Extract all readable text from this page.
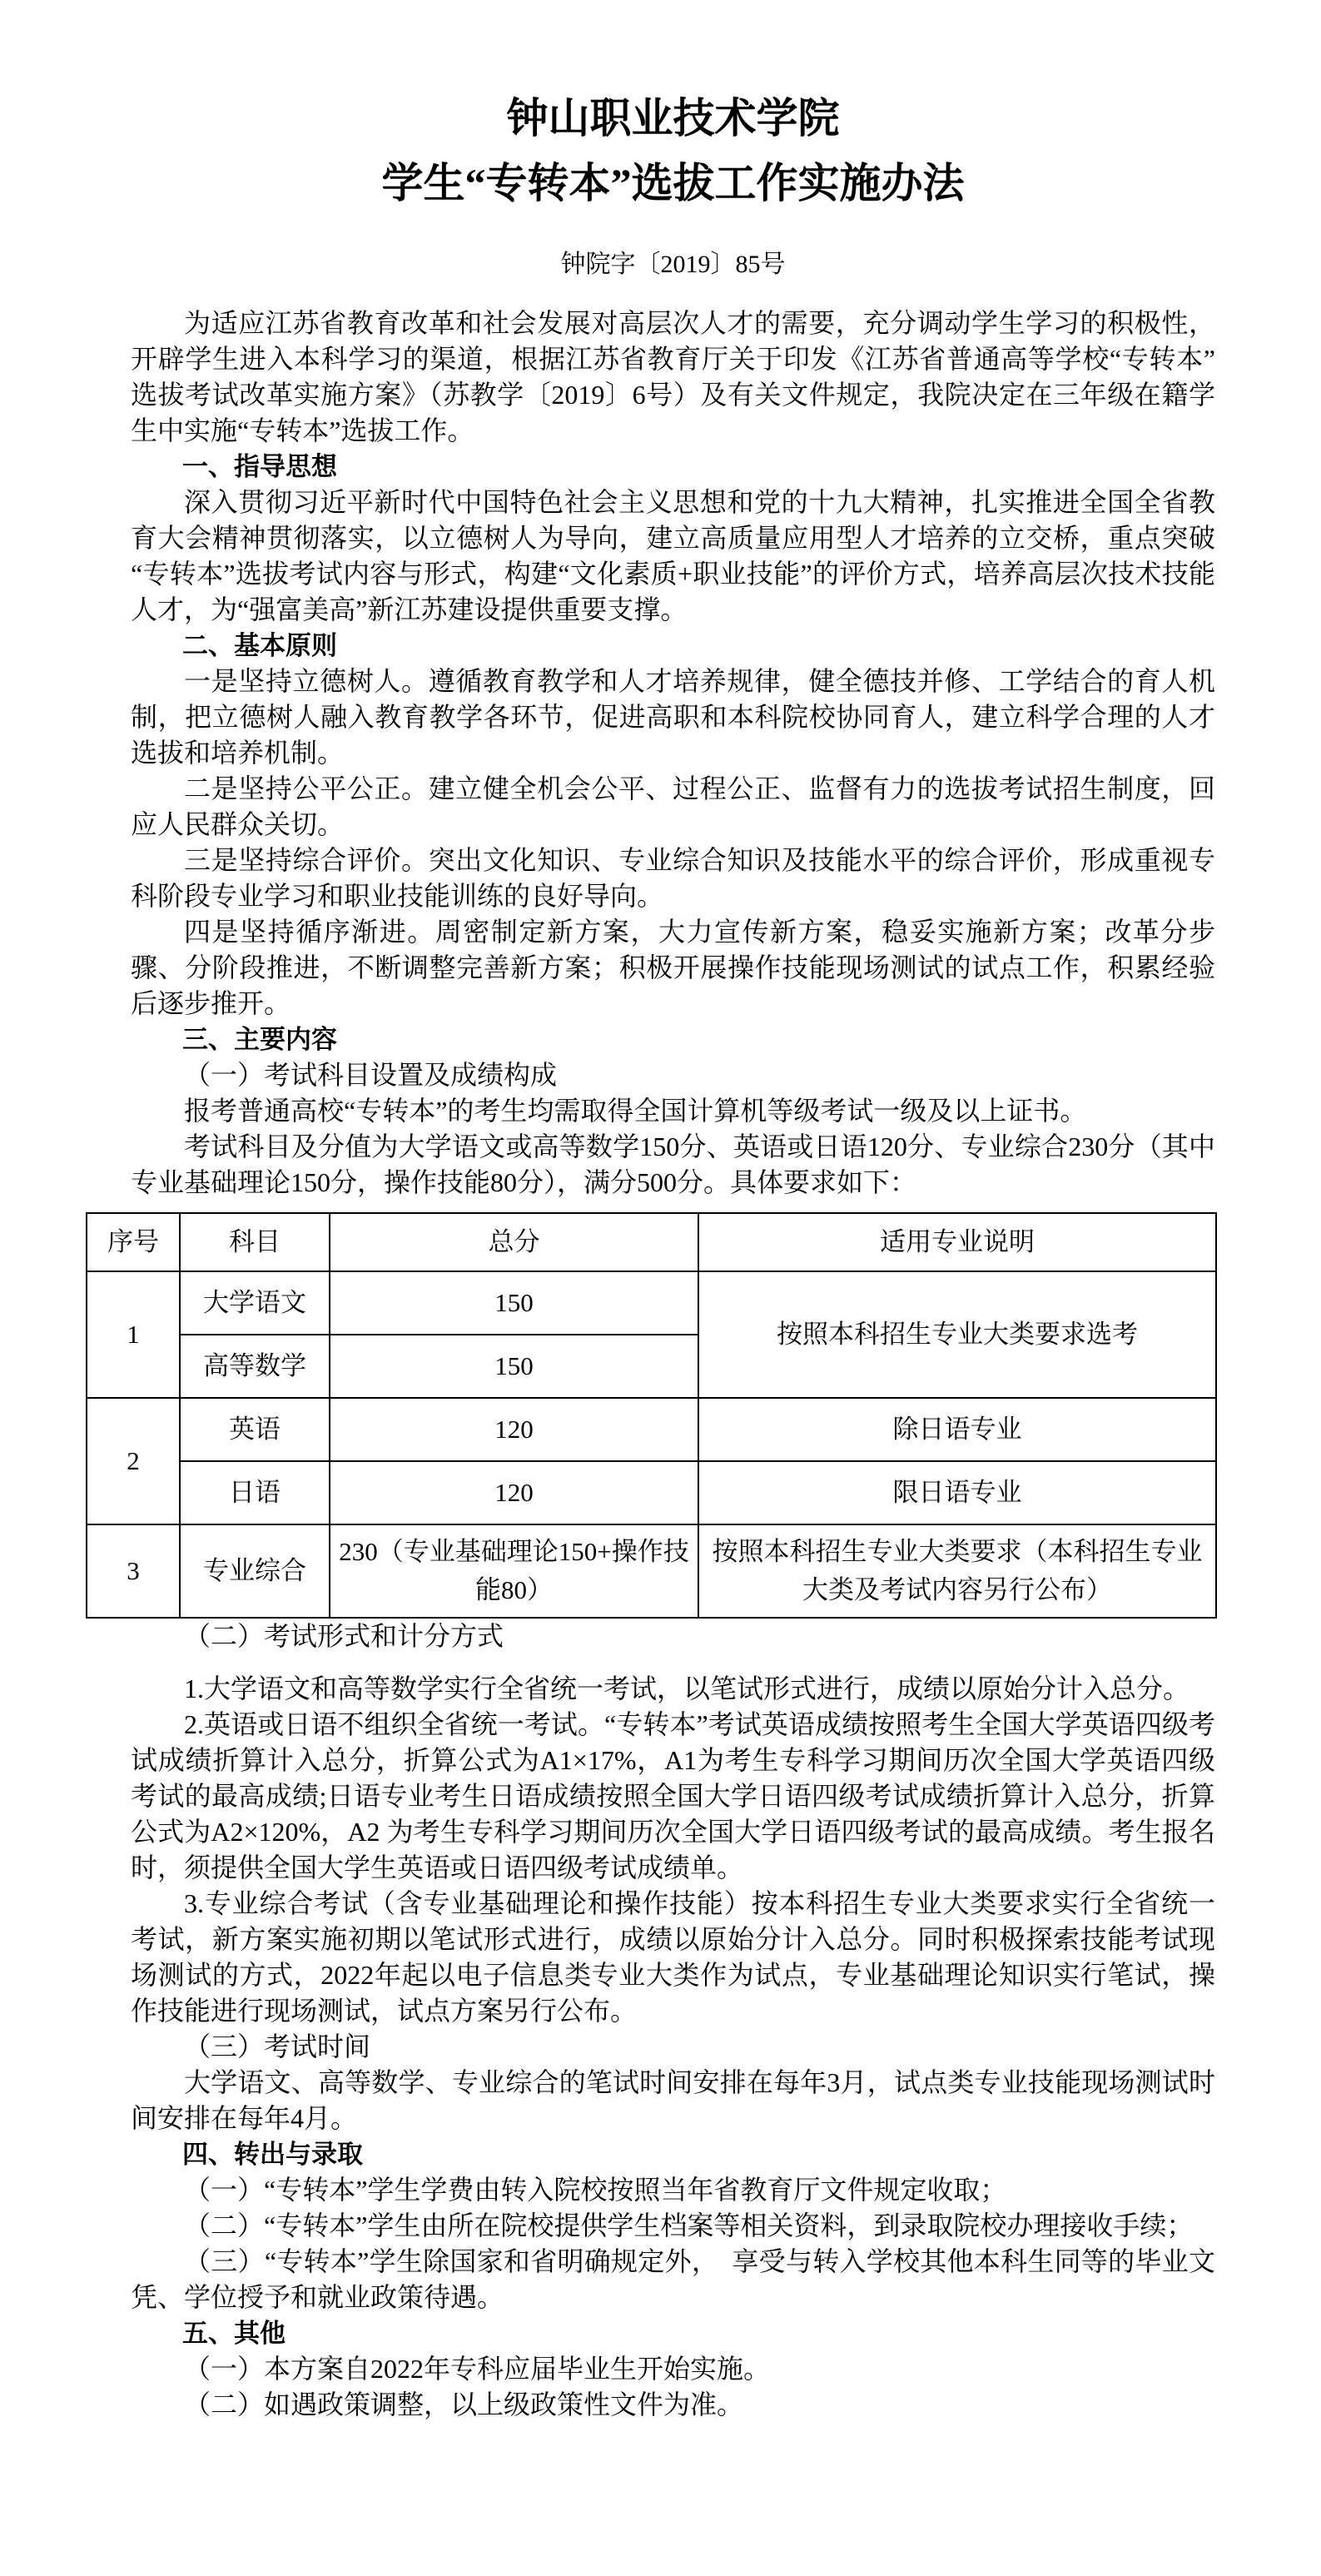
钟山职业技术学院
学生“专转本”选拔工作实施办法
钟院字〔2019〕85号

为适应江苏省教育改革和社会发展对高层次人才的需要，充分调动学生学习的积极性，开辟学生进入本科学习的渠道，根据江苏省教育厅关于印发《江苏省普通高等学校“专转本”选拔考试改革实施方案》（苏教学〔2019〕6号）及有关文件规定，我院决定在三年级在籍学生中实施“专转本”选拔工作。

一、指导思想

深入贯彻习近平新时代中国特色社会主义思想和党的十九大精神，扎实推进全国全省教育大会精神贯彻落实，以立德树人为导向，建立高质量应用型人才培养的立交桥，重点突破“专转本”选拔考试内容与形式，构建“文化素质+职业技能”的评价方式，培养高层次技术技能人才，为“强富美高”新江苏建设提供重要支撑。

二、基本原则

一是坚持立德树人。遵循教育教学和人才培养规律，健全德技并修、工学结合的育人机制，把立德树人融入教育教学各环节，促进高职和本科院校协同育人，建立科学合理的人才选拔和培养机制。

二是坚持公平公正。建立健全机会公平、过程公正、监督有力的选拔考试招生制度，回应人民群众关切。

三是坚持综合评价。突出文化知识、专业综合知识及技能水平的综合评价，形成重视专科阶段专业学习和职业技能训练的良好导向。

四是坚持循序渐进。周密制定新方案，大力宣传新方案，稳妥实施新方案；改革分步骤、分阶段推进，不断调整完善新方案；积极开展操作技能现场测试的试点工作，积累经验后逐步推开。

三、主要内容

（一）考试科目设置及成绩构成

报考普通高校“专转本”的考生均需取得全国计算机等级考试一级及以上证书。

考试科目及分值为大学语文或高等数学150分、英语或日语120分、专业综合230分（其中专业基础理论150分，操作技能80分），满分500分。具体要求如下：

序号	科目	总分	适用专业说明
1	大学语文	150	按照本科招生专业大类要求选考
	高等数学	150	
2	英语	120	除日语专业
	日语	120	限日语专业
3	专业综合	230（专业基础理论150+操作技能80）	按照本科招生专业大类要求（本科招生专业大类及考试内容另行公布）

（二）考试形式和计分方式

1.大学语文和高等数学实行全省统一考试，以笔试形式进行，成绩以原始分计入总分。

2.英语或日语不组织全省统一考试。“专转本”考试英语成绩按照考生全国大学英语四级考试成绩折算计入总分，折算公式为A1×17%，A1为考生专科学习期间历次全国大学英语四级考试的最高成绩;日语专业考生日语成绩按照全国大学日语四级考试成绩折算计入总分，折算公式为A2×120%，A2 为考生专科学习期间历次全国大学日语四级考试的最高成绩。考生报名时，须提供全国大学生英语或日语四级考试成绩单。

3.专业综合考试（含专业基础理论和操作技能）按本科招生专业大类要求实行全省统一考试，新方案实施初期以笔试形式进行，成绩以原始分计入总分。同时积极探索技能考试现场测试的方式，2022年起以电子信息类专业大类作为试点，专业基础理论知识实行笔试，操作技能进行现场测试，试点方案另行公布。

（三）考试时间

大学语文、高等数学、专业综合的笔试时间安排在每年3月，试点类专业技能现场测试时间安排在每年4月。

四、转出与录取

（一）“专转本”学生学费由转入院校按照当年省教育厅文件规定收取；

（二）“专转本”学生由所在院校提供学生档案等相关资料，到录取院校办理接收手续；

（三）“专转本”学生除国家和省明确规定外，　享受与转入学校其他本科生同等的毕业文凭、学位授予和就业政策待遇。

五、其他

（一）本方案自2022年专科应届毕业生开始实施。

（二）如遇政策调整，以上级政策性文件为准。
